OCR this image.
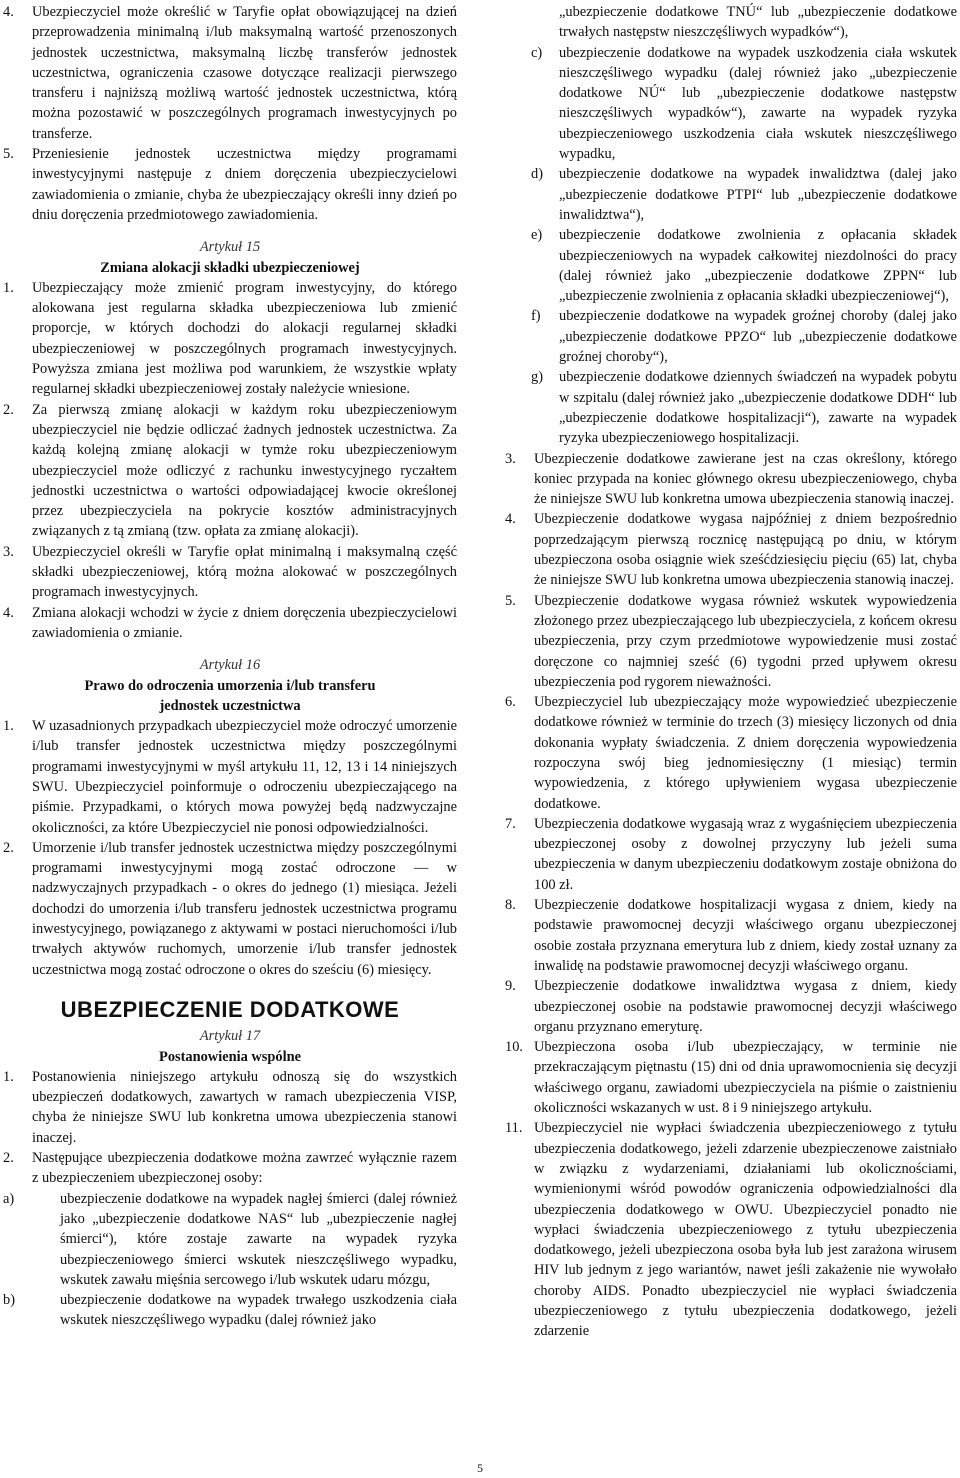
4. Ubezpieczyciel może określić w Taryfie opłat obowiązującej na dzień przeprowadzenia minimalną i/lub maksymalną wartość przenoszonych jednostek uczestnictwa, maksymalną liczbę transferów jednostek uczestnictwa, ograniczenia czasowe dotyczące realizacji pierwszego transferu i najniższą możliwą wartość jednostek uczestnictwa, którą można pozostawić w poszczególnych programach inwestycyjnych po transferze.
5. Przeniesienie jednostek uczestnictwa między programami inwestycyjnymi następuje z dniem doręczenia ubezpieczycielowi zawiadomienia o zmianie, chyba że ubezpieczający określi inny dzień po dniu doręczenia przedmiotowego zawiadomienia.
Artykuł 15
Zmiana alokacji składki ubezpieczeniowej
1. Ubezpieczający może zmienić program inwestycyjny, do którego alokowana jest regularna składka ubezpieczeniowa lub zmienić proporcje, w których dochodzi do alokacji regularnej składki ubezpieczeniowej w poszczególnych programach inwestycyjnych. Powyższa zmiana jest możliwa pod warunkiem, że wszystkie wpłaty regularnej składki ubezpieczeniowej zostały należycie wniesione.
2. Za pierwszą zmianę alokacji w każdym roku ubezpieczeniowym ubezpieczyciel nie będzie odliczać żadnych jednostek uczestnictwa. Za każdą kolejną zmianę alokacji w tymże roku ubezpieczeniowym ubezpieczyciel może odliczyć z rachunku inwestycyjnego ryczałtem jednostki uczestnictwa o wartości odpowiadającej kwocie określonej przez ubezpieczyciela na pokrycie kosztów administracyjnych związanych z tą zmianą (tzw. opłata za zmianę alokacji).
3. Ubezpieczyciel określi w Taryfie opłat minimalną i maksymalną część składki ubezpieczeniowej, którą można alokować w poszczególnych programach inwestycyjnych.
4. Zmiana alokacji wchodzi w życie z dniem doręczenia ubezpieczycielowi zawiadomienia o zmianie.
Artykuł 16
Prawo do odroczenia umorzenia i/lub transferu jednostek uczestnictwa
1. W uzasadnionych przypadkach ubezpieczyciel może odroczyć umorzenie i/lub transfer jednostek uczestnictwa między poszczególnymi programami inwestycyjnymi w myśl artykułu 11, 12, 13 i 14 niniejszych SWU. Ubezpieczyciel poinformuje o odroczeniu ubezpieczającego na piśmie. Przypadkami, o których mowa powyżej będą nadzwyczajne okoliczności, za które Ubezpieczyciel nie ponosi odpowiedzialności.
2. Umorzenie i/lub transfer jednostek uczestnictwa między poszczególnymi programami inwestycyjnymi mogą zostać odroczone — w nadzwyczajnych przypadkach - o okres do jednego (1) miesiąca. Jeżeli dochodzi do umorzenia i/lub transferu jednostek uczestnictwa programu inwestycyjnego, powiązanego z aktywami w postaci nieruchomości i/lub trwałych aktywów ruchomych, umorzenie i/lub transfer jednostek uczestnictwa mogą zostać odroczone o okres do sześciu (6) miesięcy.
UBEZPIECZENIE DODATKOWE
Artykuł 17
Postanowienia wspólne
1. Postanowienia niniejszego artykułu odnoszą się do wszystkich ubezpieczeń dodatkowych, zawartych w ramach ubezpieczenia VISP, chyba że niniejsze SWU lub konkretna umowa ubezpieczenia stanowi inaczej.
2. Następujące ubezpieczenia dodatkowe można zawrzeć wyłącznie razem z ubezpieczeniem ubezpieczonej osoby:
a)	ubezpieczenie dodatkowe na wypadek nagłej śmierci (dalej również jako „ubezpieczenie dodatkowe NAS“ lub „ubezpieczenie nagłej śmierci“), które zostaje zawarte na wypadek ryzyka ubezpieczeniowego śmierci wskutek nieszczęśliwego wypadku, wskutek zawału mięśnia sercowego i/lub wskutek udaru mózgu,
b)	ubezpieczenie dodatkowe na wypadek trwałego uszkodzenia ciała wskutek nieszczęśliwego wypadku (dalej również jako
„ubezpieczenie dodatkowe TNÚ“ lub „ubezpieczenie dodatkowe trwałych następstw nieszczęśliwych wypadków“),
c) ubezpieczenie dodatkowe na wypadek uszkodzenia ciała wskutek nieszczęśliwego wypadku (dalej również jako „ubezpieczenie dodatkowe NÚ“ lub „ubezpieczenie dodatkowe następstw nieszczęśliwych wypadków“), zawarte na wypadek ryzyka ubezpieczeniowego uszkodzenia ciała wskutek nieszczęśliwego wypadku,
d) ubezpieczenie dodatkowe na wypadek inwalidztwa (dalej jako „ubezpieczenie dodatkowe PTPI“ lub „ubezpieczenie dodatkowe inwalidztwa“),
e) ubezpieczenie dodatkowe zwolnienia z opłacania składek ubezpieczeniowych na wypadek całkowitej niezdolności do pracy (dalej również jako „ubezpieczenie dodatkowe ZPPN“ lub „ubezpieczenie zwolnienia z opłacania składki ubezpieczeniowej“),
f) ubezpieczenie dodatkowe na wypadek groźnej choroby (dalej jako „ubezpieczenie dodatkowe PPZO“ lub „ubezpieczenie dodatkowe groźnej choroby“),
g) ubezpieczenie dodatkowe dziennych świadczeń na wypadek pobytu w szpitalu (dalej również jako „ubezpieczenie dodatkowe DDH“ lub „ubezpieczenie dodatkowe hospitalizacji“), zawarte na wypadek ryzyka ubezpieczeniowego hospitalizacji.
3. Ubezpieczenie dodatkowe zawierane jest na czas określony, którego koniec przypada na koniec głównego okresu ubezpieczeniowego, chyba że niniejsze SWU lub konkretna umowa ubezpieczenia stanowią inaczej.
4. Ubezpieczenie dodatkowe wygasa najpóźniej z dniem bezpośrednio poprzedzającym pierwszą rocznicę następującą po dniu, w którym ubezpieczona osoba osiągnie wiek sześćdziesięciu pięciu (65) lat, chyba że niniejsze SWU lub konkretna umowa ubezpieczenia stanowią inaczej.
5. Ubezpieczenie dodatkowe wygasa również wskutek wypowiedzenia złożonego przez ubezpieczającego lub ubezpieczyciela, z końcem okresu ubezpieczenia, przy czym przedmiotowe wypowiedzenie musi zostać doręczone co najmniej sześć (6) tygodni przed upływem okresu ubezpieczenia pod rygorem nieważności.
6. Ubezpieczyciel lub ubezpieczający może wypowiedzieć ubezpieczenie dodatkowe również w terminie do trzech (3) miesięcy liczonych od dnia dokonania wypłaty świadczenia. Z dniem doręczenia wypowiedzenia rozpoczyna swój bieg jednomiesięczny (1 miesiąc) termin wypowiedzenia, z którego upływieniem wygasa ubezpieczenie dodatkowe.
7. Ubezpieczenia dodatkowe wygasają wraz z wygaśnięciem ubezpieczenia ubezpieczonej osoby z dowolnej przyczyny lub jeżeli suma ubezpieczenia w danym ubezpieczeniu dodatkowym zostaje obniżona do 100 zł.
8. Ubezpieczenie dodatkowe hospitalizacji wygasa z dniem, kiedy na podstawie prawomocnej decyzji właściwego organu ubezpieczonej osobie została przyznana emerytura lub z dniem, kiedy został uznany za inwalidę na podstawie prawomocnej decyzji właściwego organu.
9. Ubezpieczenie dodatkowe inwalidztwa wygasa z dniem, kiedy ubezpieczonej osobie na podstawie prawomocnej decyzji właściwego organu przyznano emeryturę.
10. Ubezpieczona osoba i/lub ubezpieczający, w terminie nie przekraczającym piętnastu (15) dni od dnia uprawomocnienia się decyzji właściwego organu, zawiadomi ubezpieczyciela na piśmie o zaistnieniu okoliczności wskazanych w ust. 8 i 9 niniejszego artykułu.
11. Ubezpieczyciel nie wypłaci świadczenia ubezpieczeniowego z tytułu ubezpieczenia dodatkowego, jeżeli zdarzenie ubezpieczenowe zaistniało w związku z wydarzeniami, działaniami lub okolicznościami, wymienionymi wśród powodów ograniczenia odpowiedzialności dla ubezpieczenia dodatkowego w OWU. Ubezpieczyciel ponadto nie wypłaci świadczenia ubezpieczeniowego z tytułu ubezpieczenia dodatkowego, jeżeli ubezpieczona osoba była lub jest zarażona wirusem HIV lub jednym z jego wariantów, nawet jeśli zakażenie nie wywołało choroby AIDS. Ponadto ubezpieczyciel nie wypłaci świadczenia ubezpieczeniowego z tytułu ubezpieczenia dodatkowego, jeżeli zdarzenie
5
